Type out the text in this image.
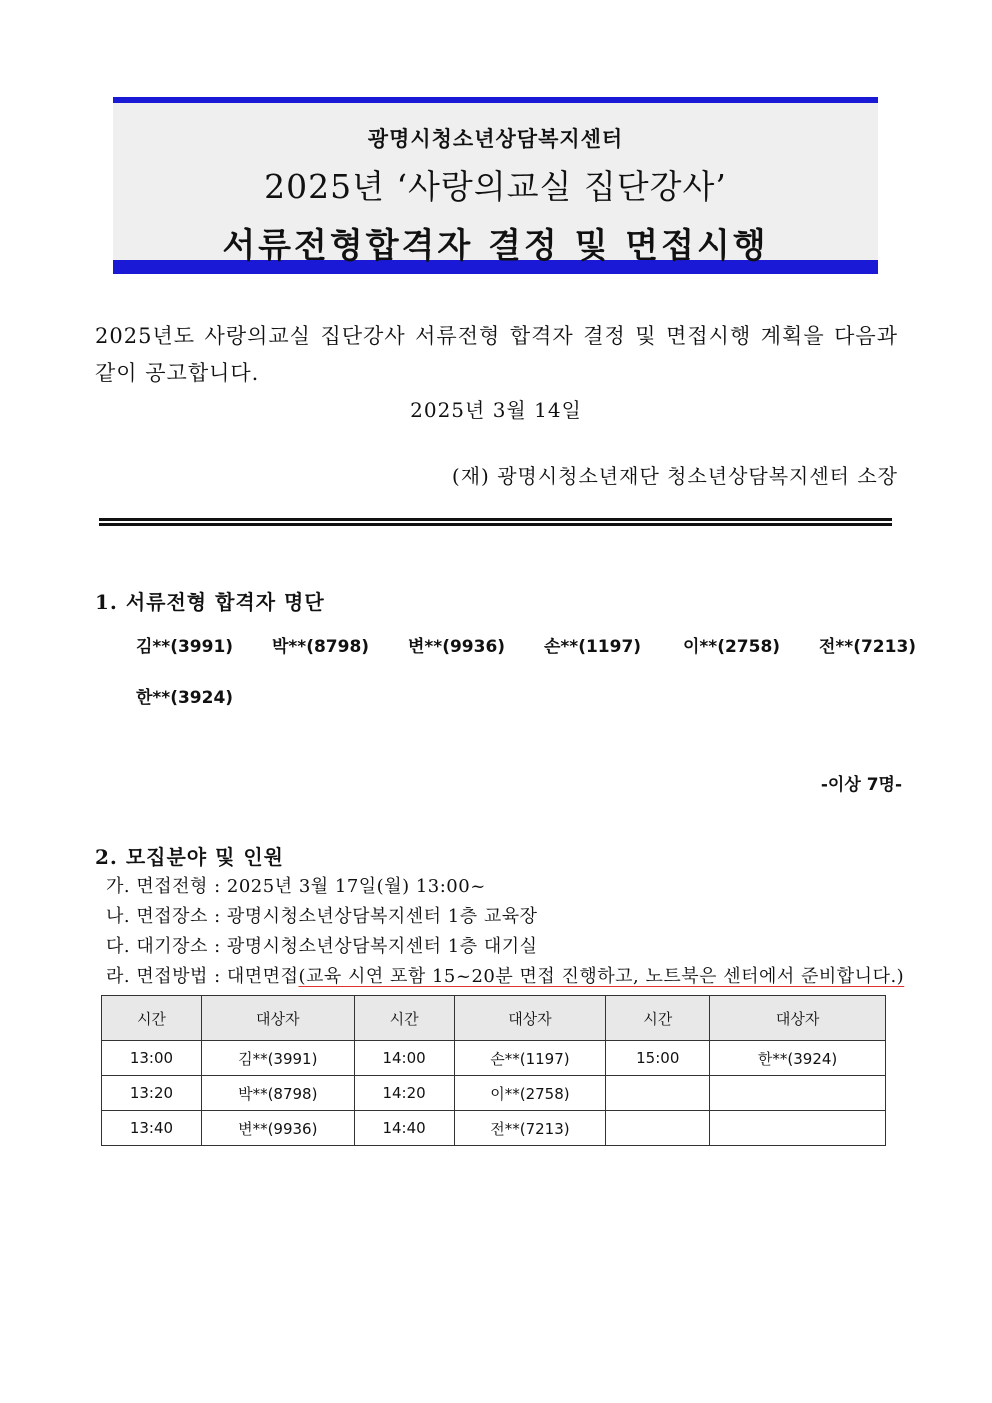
광명시청소년상담복지센터
2025년 ‘사랑의교실 집단강사’
서류전형합격자 결정 및 면접시행
2025년도 사랑의교실 집단강사 서류전형 합격자 결정 및 면접시행 계획을 다음과 같이 공고합니다.
2025년 3월 14일
(재) 광명시청소년재단 청소년상담복지센터 소장
1. 서류전형 합격자 명단
김**(3991) 박**(8798) 변**(9936) 손**(1197) 이**(2758) 전**(7213)
한**(3924)
-이상 7명-
2. 모집분야 및 인원
가. 면접전형 : 2025년 3월 17일(월) 13:00~
나. 면접장소 : 광명시청소년상담복지센터 1층 교육장
다. 대기장소 : 광명시청소년상담복지센터 1층 대기실
라. 면접방법 : 대면면접(교육 시연 포함 15~20분 면접 진행하고, 노트북은 센터에서 준비합니다.)
시간	대상자	시간	대상자	시간	대상자
13:00	김**(3991)	14:00	손**(1197)	15:00	한**(3924)
13:20	박**(8798)	14:20	이**(2758)		
13:40	변**(9936)	14:40	전**(7213)		
